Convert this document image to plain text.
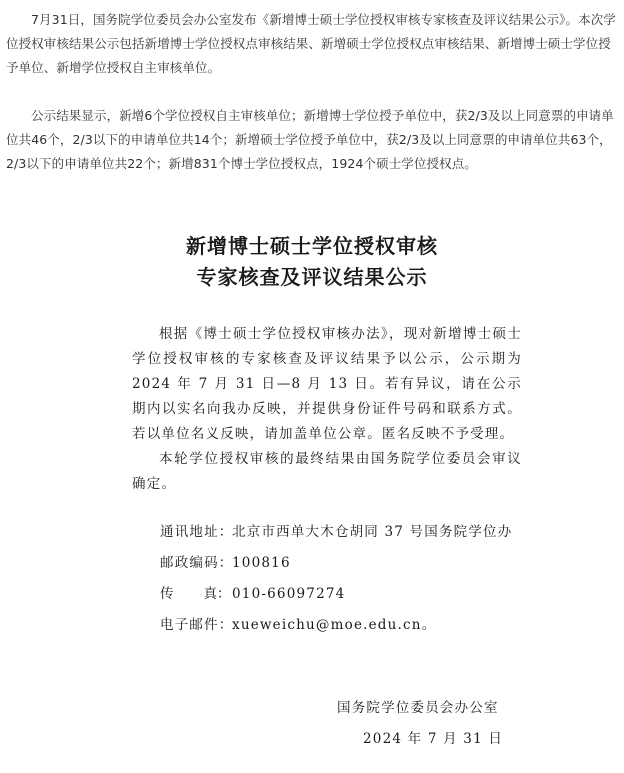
7月31日，国务院学位委员会办公室发布《新增博士硕士学位授权审核专家核查及评议结果公示》。本次学位授权审核结果公示包括新增博士学位授权点审核结果、新增硕士学位授权点审核结果、新增博士硕士学位授予单位、新增学位授权自主审核单位。

公示结果显示，新增6个学位授权自主审核单位；新增博士学位授予单位中，获2/3及以上同意票的申请单位共46个，2/3以下的申请单位共14个；新增硕士学位授予单位中，获2/3及以上同意票的申请单位共63个，2/3以下的申请单位共22个；新增831个博士学位授权点，1924个硕士学位授权点。

新增博士硕士学位授权审核

专家核查及评议结果公示

根据《博士硕士学位授权审核办法》，现对新增博士硕士学位授权审核的专家核查及评议结果予以公示，公示期为2024 年 7 月 31 日—8 月 13 日。若有异议，请在公示期内以实名向我办反映，并提供身份证件号码和联系方式。若以单位名义反映，请加盖单位公章。匿名反映不予受理。

本轮学位授权审核的最终结果由国务院学位委员会审议确定。

通讯地址：北京市西单大木仓胡同 37 号国务院学位办

邮政编码：100816

传 真： 010-66097274

电子邮件：xueweichu@moe.edu.cn。

国务院学位委员会办公室

2024 年 7 月 31 日
